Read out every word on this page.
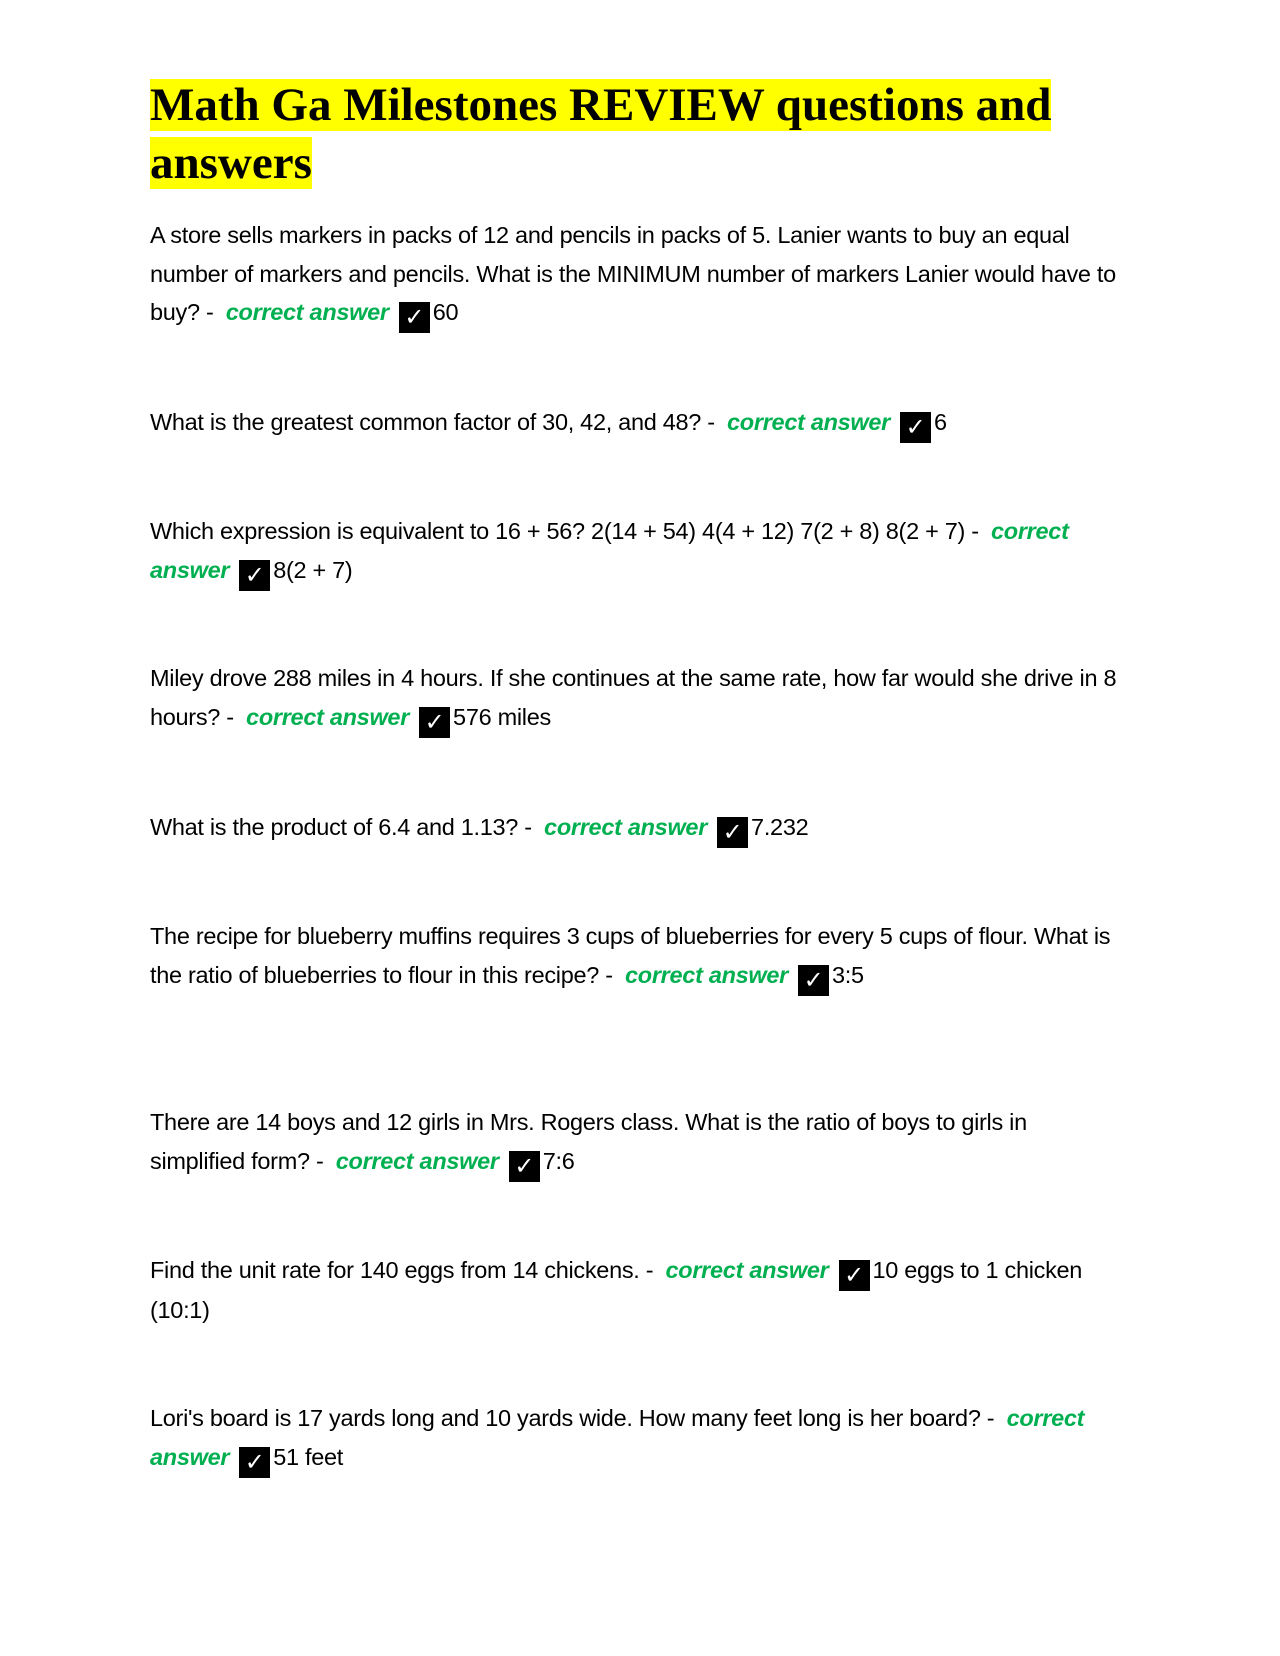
Math Ga Milestones REVIEW questions and answers

A store sells markers in packs of 12 and pencils in packs of 5. Lanier wants to buy an equal number of markers and pencils. What is the MINIMUM number of markers Lanier would have to buy? - correct answer ✓ 60

What is the greatest common factor of 30, 42, and 48? - correct answer ✓ 6

Which expression is equivalent to 16 + 56? 2(14 + 54) 4(4 + 12) 7(2 + 8) 8(2 + 7) - correct answer ✓ 8(2 + 7)

Miley drove 288 miles in 4 hours. If she continues at the same rate, how far would she drive in 8 hours? - correct answer ✓ 576 miles

What is the product of 6.4 and 1.13? - correct answer ✓ 7.232

The recipe for blueberry muffins requires 3 cups of blueberries for every 5 cups of flour. What is the ratio of blueberries to flour in this recipe? - correct answer ✓ 3:5

There are 14 boys and 12 girls in Mrs. Rogers class. What is the ratio of boys to girls in simplified form? - correct answer ✓ 7:6

Find the unit rate for 140 eggs from 14 chickens. - correct answer ✓ 10 eggs to 1 chicken (10:1)

Lori's board is 17 yards long and 10 yards wide. How many feet long is her board? - correct answer ✓ 51 feet
